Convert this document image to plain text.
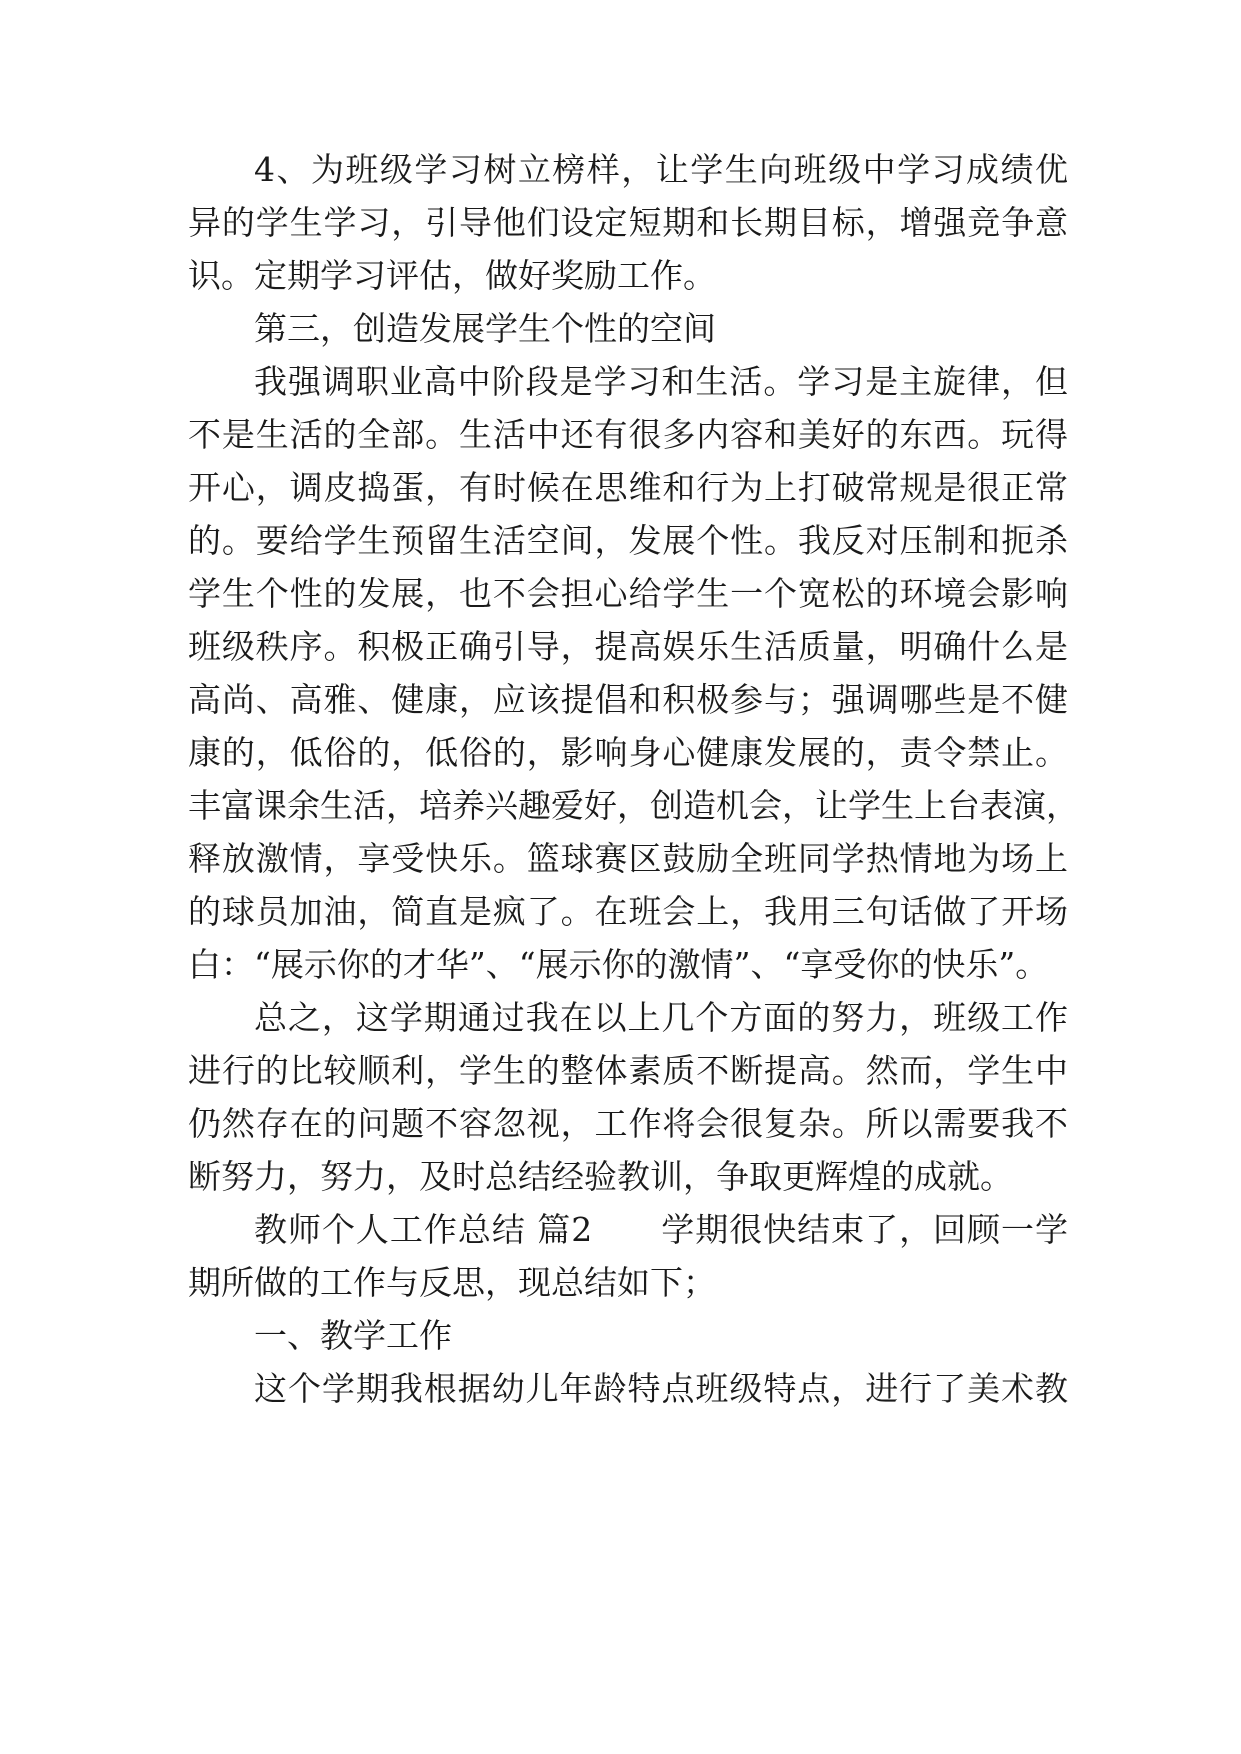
4、为班级学习树立榜样，让学生向班级中学习成绩优
异的学生学习，引导他们设定短期和长期目标，增强竞争意
识。定期学习评估，做好奖励工作。
第三，创造发展学生个性的空间
我强调职业高中阶段是学习和生活。学习是主旋律，但
不是生活的全部。生活中还有很多内容和美好的东西。玩得
开心，调皮捣蛋，有时候在思维和行为上打破常规是很正常
的。要给学生预留生活空间，发展个性。我反对压制和扼杀
学生个性的发展，也不会担心给学生一个宽松的环境会影响
班级秩序。积极正确引导，提高娱乐生活质量，明确什么是
高尚、高雅、健康，应该提倡和积极参与；强调哪些是不健
康的，低俗的，低俗的，影响身心健康发展的，责令禁止。
丰富课余生活，培养兴趣爱好，创造机会，让学生上台表演，
释放激情，享受快乐。篮球赛区鼓励全班同学热情地为场上
的球员加油，简直是疯了。在班会上，我用三句话做了开场
白：“展示你的才华”、“展示你的激情”、“享受你的快乐”。
总之，这学期通过我在以上几个方面的努力，班级工作
进行的比较顺利，学生的整体素质不断提高。然而，学生中
仍然存在的问题不容忽视，工作将会很复杂。所以需要我不
断努力，努力，及时总结经验教训，争取更辉煌的成就。
教师个人工作总结 篇2　　学期很快结束了，回顾一学
期所做的工作与反思，现总结如下；
一、教学工作
这个学期我根据幼儿年龄特点班级特点，进行了美术教
